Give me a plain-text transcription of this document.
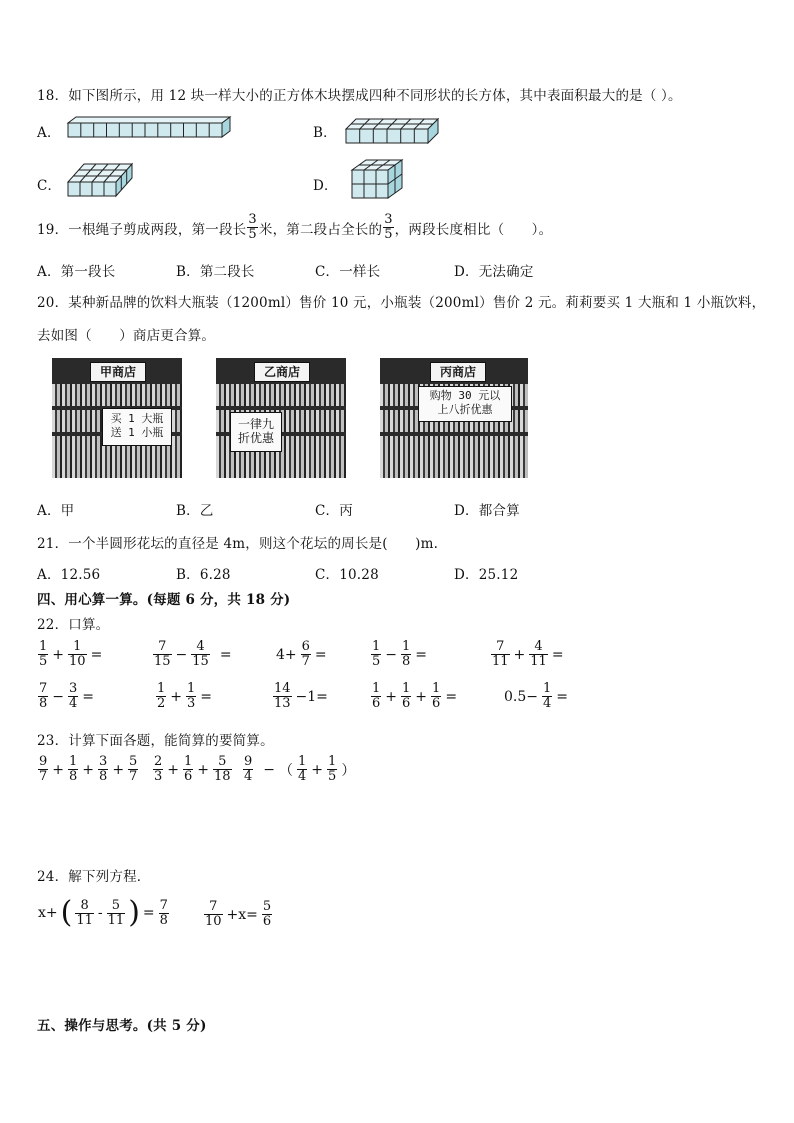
18．如下图所示，用 12 块一样大小的正方体木块摆成四种不同形状的长方体，其中表面积最大的是（ ）。
A．	B．
C．	D．
19．一根绳子剪成两段，第一段长 $\frac{3}{5}$ 米，第二段占全长的 $\frac{3}{5}$ ，两段长度相比（　　）。
A．第一段长	B．第二段长	C．一样长	D．无法确定
20．某种新品牌的饮料大瓶装（1200ml）售价 10 元，小瓶装（200ml）售价 2 元。莉莉要买 1 大瓶和 1 小瓶饮料，
去如图（　　）商店更合算。
甲商店
买 1 大瓶
送 1 小瓶
乙商店
一律九
折优惠
丙商店
购物 30 元以
上八折优惠
A．甲	B．乙	C．丙	D．都合算
21．一个半圆形花坛的直径是 4m，则这个花坛的周长是(　　)m.
A．12.56	B．6.28	C．10.28	D．25.12
四、用心算一算。(每题 6 分，共 18 分)
22．口算。
$\frac{1}{5} + \frac{1}{10}$ =	$\frac{7}{15} - \frac{4}{15}$ =	$4+ \frac{6}{7}$ =	$\frac{1}{5} - \frac{1}{8}$ =	$\frac{7}{11} + \frac{4}{11}$ =
$\frac{7}{8} - \frac{3}{4}$ =	$\frac{1}{2} + \frac{1}{3}$ =	$\frac{14}{13} -1=$	$\frac{1}{6} + \frac{1}{6} + \frac{1}{6}$ =	$0.5- \frac{1}{4}$ =
23．计算下面各题，能简算的要简算。
$\frac{9}{7} + \frac{1}{8} + \frac{3}{8} + \frac{5}{7} \frac{2}{3} + \frac{1}{6} + \frac{5}{18} \frac{9}{4}$ − （ $\frac{1}{4} + \frac{1}{5}$ ）
24．解下列方程．
x+ ( $\frac{8}{11} - \frac{5}{11}$ ) = $\frac{7}{8}$	$\frac{7}{10} +x= \frac{5}{6}$
五、操作与思考。(共 5 分)
